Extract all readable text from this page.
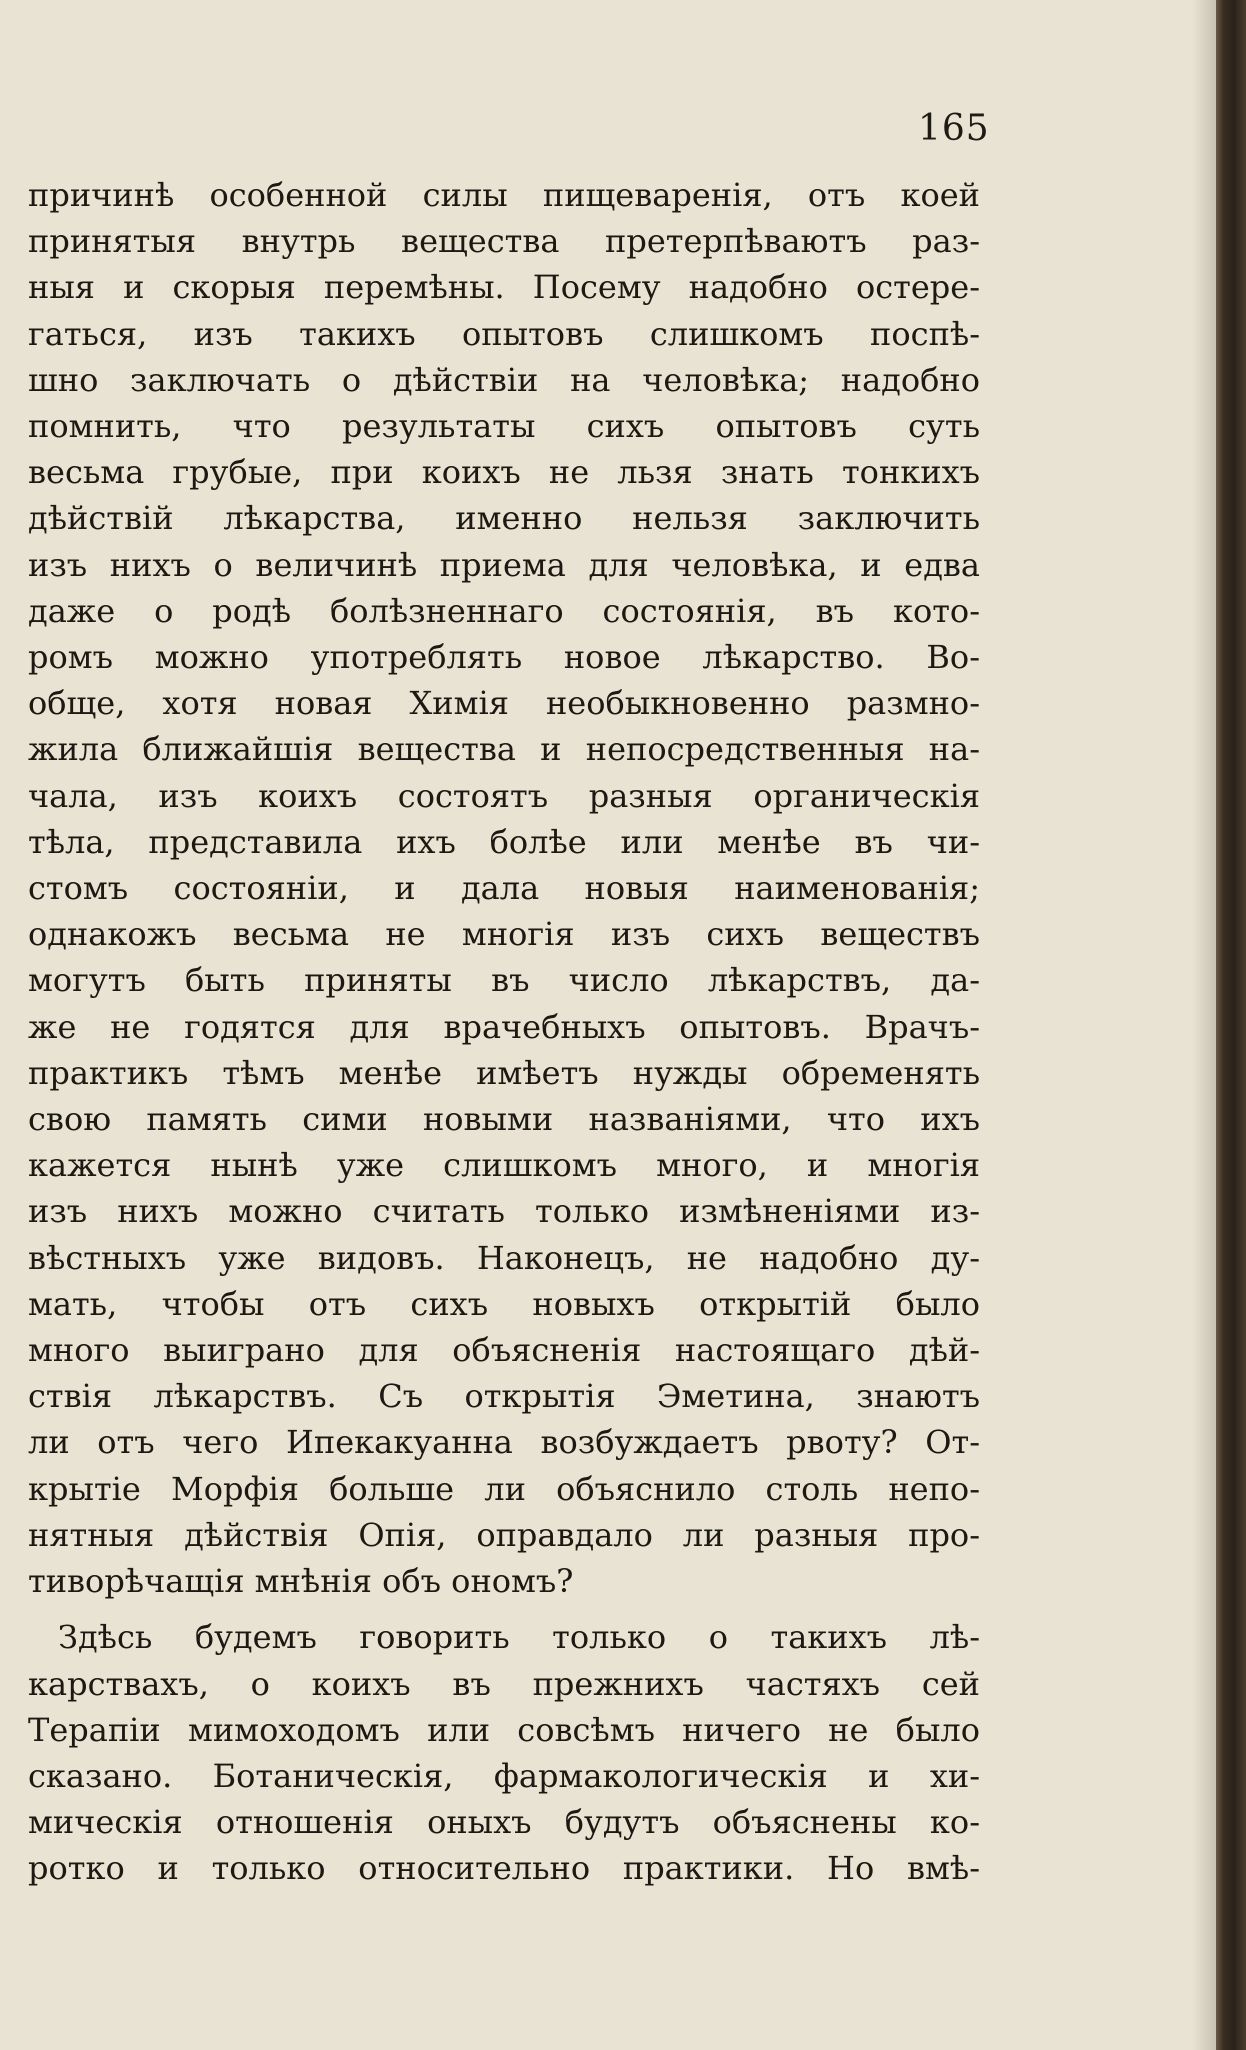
165
причинѣ особенной силы пищеваренія, отъ коей
принятыя внутрь вещества претерпѣваютъ раз-
ныя и скорыя перемѣны. Посему надобно остере-
гаться, изъ такихъ опытовъ слишкомъ поспѣ-
шно заключать о дѣйствіи на человѣка; надобно
помнить, что результаты сихъ опытовъ суть
весьма грубые, при коихъ не льзя знать тонкихъ
дѣйствій лѣкарства, именно нельзя заключить
изъ нихъ о величинѣ приема для человѣка, и едва
даже о родѣ болѣзненнаго состоянія, въ кото-
ромъ можно употреблять новое лѣкарство. Во-
обще, хотя новая Химія необыкновенно размно-
жила ближайшія вещества и непосредственныя на-
чала, изъ коихъ состоятъ разныя органическія
тѣла, представила ихъ болѣе или менѣе въ чи-
стомъ состояніи, и дала новыя наименованія;
однакожъ весьма не многія изъ сихъ веществъ
могутъ быть приняты въ число лѣкарствъ, да-
же не годятся для врачебныхъ опытовъ. Врачъ-
практикъ тѣмъ менѣе имѣетъ нужды обременять
свою память сими новыми названіями, что ихъ
кажется нынѣ уже слишкомъ много, и многія
изъ нихъ можно считать только измѣненіями из-
вѣстныхъ уже видовъ. Наконецъ, не надобно ду-
мать, чтобы отъ сихъ новыхъ открытій было
много выиграно для объясненія настоящаго дѣй-
ствія лѣкарствъ. Съ открытія Эметина, знаютъ
ли отъ чего Ипекакуанна возбуждаетъ рвоту? От-
крытіе Морфія больше ли объяснило столь непо-
нятныя дѣйствія Опія, оправдало ли разныя про-
тиворѣчащія мнѣнія объ ономъ?
Здѣсь будемъ говорить только о такихъ лѣ-
карствахъ, о коихъ въ прежнихъ частяхъ сей
Терапіи мимоходомъ или совсѣмъ ничего не было
сказано. Ботаническія, фармакологическія и хи-
мическія отношенія оныхъ будутъ объяснены ко-
ротко и только относительно практики. Но вмѣ-
